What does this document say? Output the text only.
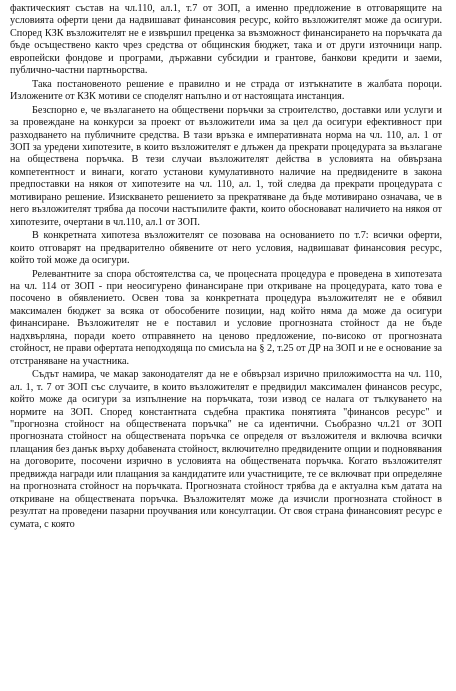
фактическият състав на чл.110, ал.1, т.7 от ЗОП, а именно предложение в отговарящите на условията оферти цени да надвишават финансовия ресурс, който възложителят може да осигури. Според КЗК възложителят не е извършил преценка за възможност финансирането на поръчката да бъде осъществено както чрез средства от общинския бюджет, така и от други източници напр. европейски фондове и програми, държавни субсидии и грантове, банкови кредити и заеми, публично-частни партньорства.

Така постановеното решение е правилно и не страда от изтъкнатите в жалбата пороци. Изложените от КЗК мотиви се споделят напълно и от настоящата инстанция.

Безспорно е, че възлагането на обществени поръчки за строителство, доставки или услуги и за провеждане на конкурси за проект от възложители има за цел да осигури ефективност при разходването на публичните средства. В тази връзка е императивната норма на чл. 110, ал. 1 от ЗОП за уредени хипотезите, в които възложителят е длъжен да прекрати процедурата за възлагане на обществена поръчка. В тези случаи възложителят действа в условията на обвързана компетентност и винаги, когато установи кумулативното наличие на предвидените в закона предпоставки на някоя от хипотезите на чл. 110, ал. 1, той следва да прекрати процедурата с мотивирано решение. Изискването решението за прекратяване да бъде мотивирано означава, че в него възложителят трябва да посочи настъпилите факти, които обосновават наличието на някоя от хипотезите, очертани в чл.110, ал.1 от ЗОП.

В конкретната хипотеза възложителят се позовава на основанието по т.7: всички оферти, които отговарят на предварително обявените от него условия, надвишават финансовия ресурс, който той може да осигури.

Релевантните за спора обстоятелства са, че процесната процедура е проведена в хипотезата на чл. 114 от ЗОП - при неосигурено финансиране при откриване на процедурата, като това е посочено в обявлението. Освен това за конкретната процедура възложителят не е обявил максимален бюджет за всяка от обособените позиции, над който няма да може да осигури финансиране. Възложителят не е поставил и условие прогнозната стойност да не бъде надхвърляна, поради което отправянето на ценово предложение, по-високо от прогнозната стойност, не прави офертата неподходяща по смисъла на § 2, т.25 от ДР на ЗОП и не е основание за отстраняване на участника.

Съдът намира, че макар законодателят да не е обвързал изрично приложимостта на чл. 110, ал. 1, т. 7 от ЗОП със случаите, в които възложителят е предвидил максимален финансов ресурс, който може да осигури за изпълнение на поръчката, този извод се налага от тълкуването на нормите на ЗОП. Според константната съдебна практика понятията "финансов ресурс" и "прогнозна стойност на обществената поръчка" не са идентични. Съобразно чл.21 от ЗОП прогнозната стойност на обществената поръчка се определя от възложителя и включва всички плащания без данък върху добавената стойност, включително предвидените опции и подновявания на договорите, посочени изрично в условията на обществената поръчка. Когато възложителят предвижда награди или плащания за кандидатите или участниците, те се включват при определяне на прогнозната стойност на поръчката. Прогнозната стойност трябва да е актуална към датата на откриване на обществената поръчка. Възложителят може да изчисли прогнозната стойност в резултат на проведени пазарни проучвания или консултации. От своя страна финансовият ресурс е сумата, с която
